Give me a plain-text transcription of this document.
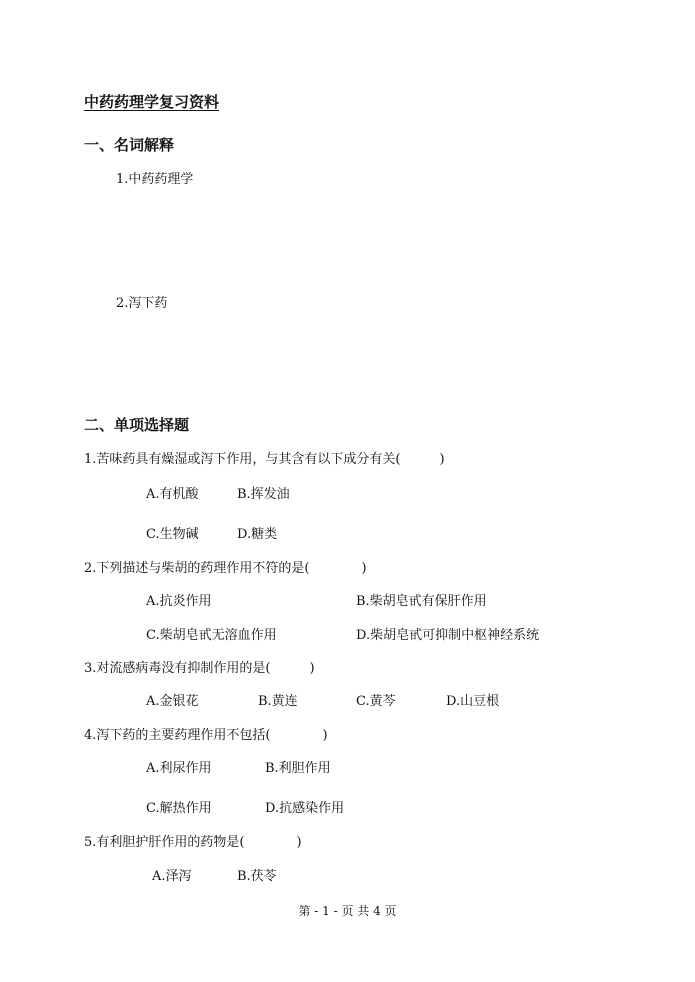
中药药理学复习资料
一、名词解释
1.中药药理学
2.泻下药
二、单项选择题
1.苦味药具有燥湿或泻下作用，与其含有以下成分有关(　　　)
A.有机酸	B.挥发油
C.生物碱	D.糖类
2.下列描述与柴胡的药理作用不符的是(　　　　)
A.抗炎作用	B.柴胡皂甙有保肝作用
C.柴胡皂甙无溶血作用	D.柴胡皂甙可抑制中枢神经系统
3.对流感病毒没有抑制作用的是(　　　)
A.金银花	B.黄连	C.黄芩	D.山豆根
4.泻下药的主要药理作用不包括(　　　　)
A.利尿作用	B.利胆作用
C.解热作用	D.抗感染作用
5.有利胆护肝作用的药物是(　　　　)
A.泽泻	B.茯苓
第 - 1 - 页 共 4 页
